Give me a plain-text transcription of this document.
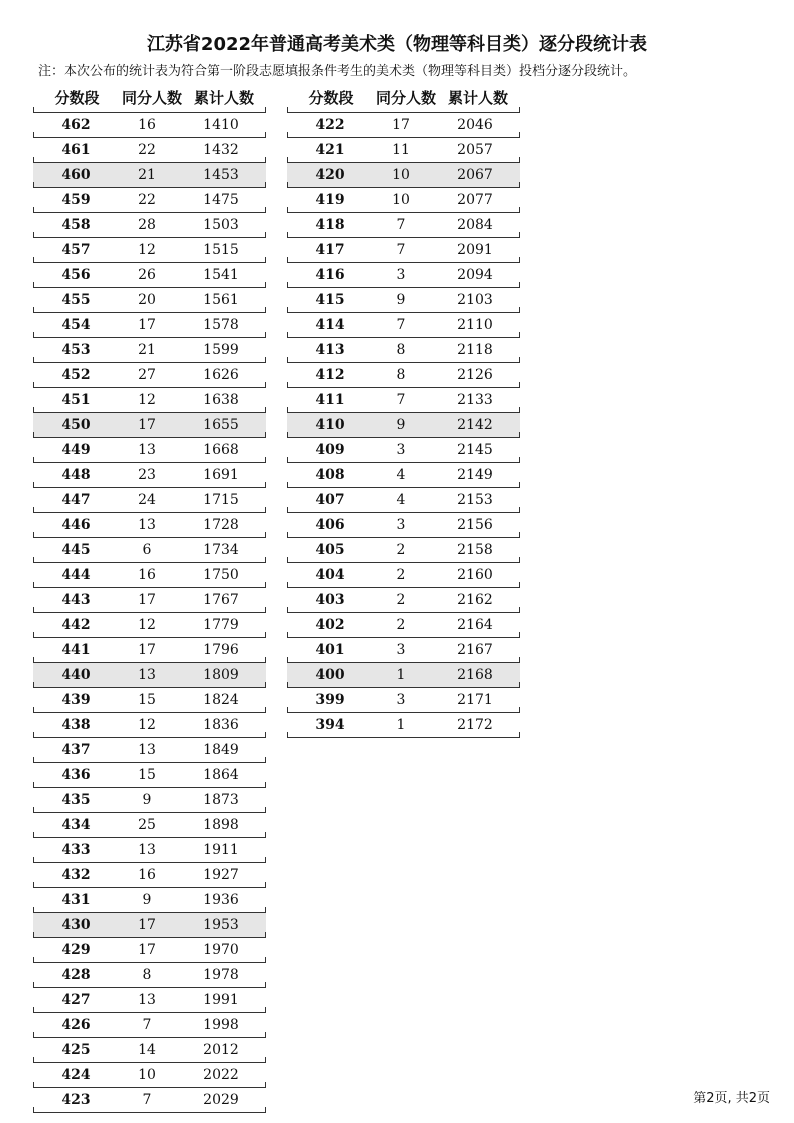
江苏省2022年普通高考美术类（物理等科目类）逐分段统计表
注：本次公布的统计表为符合第一阶段志愿填报条件考生的美术类（物理等科目类）投档分逐分段统计。
分数段	同分人数 累计人数
462	16	1410
461	22	1432
460	21	1453
459	22	1475
458	28	1503
457	12	1515
456	26	1541
455	20	1561
454	17	1578
453	21	1599
452	27	1626
451	12	1638
450	17	1655
449	13	1668
448	23	1691
447	24	1715
446	13	1728
445	6	1734
444	16	1750
443	17	1767
442	12	1779
441	17	1796
440	13	1809
439	15	1824
438	12	1836
437	13	1849
436	15	1864
435	9	1873
434	25	1898
433	13	1911
432	16	1927
431	9	1936
430	17	1953
429	17	1970
428	8	1978
427	13	1991
426	7	1998
425	14	2012
424	10	2022
423	7	2029
分数段	同分人数 累计人数
422	17	2046
421	11	2057
420	10	2067
419	10	2077
418	7	2084
417	7	2091
416	3	2094
415	9	2103
414	7	2110
413	8	2118
412	8	2126
411	7	2133
410	9	2142
409	3	2145
408	4	2149
407	4	2153
406	3	2156
405	2	2158
404	2	2160
403	2	2162
402	2	2164
401	3	2167
400	1	2168
399	3	2171
394	1	2172
第2页, 共2页
